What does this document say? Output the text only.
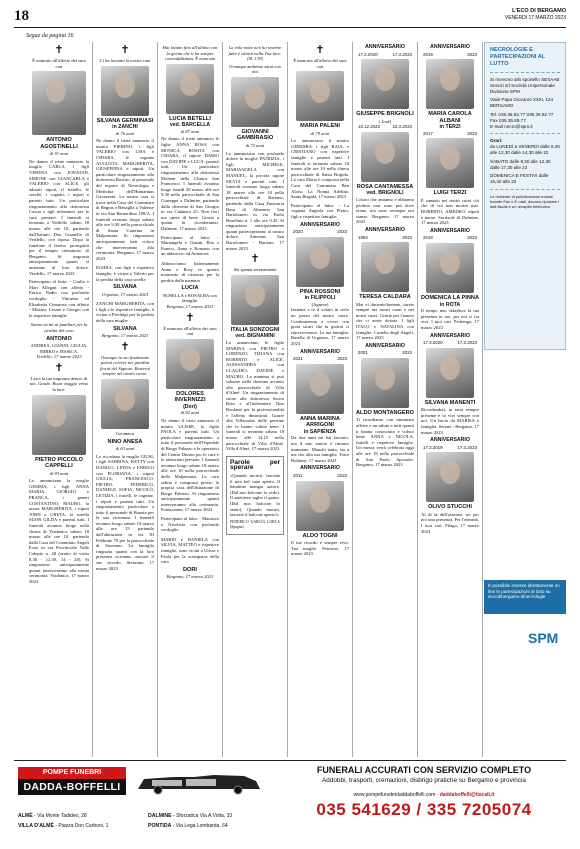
18	L'ECO DI BERGAMO
VENERDÌ 17 MARZO 2023
Segue da pagina 16
✝
È mancato all'affetto dei suoi cari
ANTONIO AGOSTINELLI
di 91 anni
Ne danno il triste annuncio la moglie CARLA, i figli VERENA con JONATAN, SIMONE con GIANCARLA e VALERIO con ALICE, gli adorati nipoti, il fratello, le sorelle, i cognati, i nipoti e parenti tutti. Un particolare ringraziamento alla dottoressa Cassia e agli infermieri per le cure prestate. I funerali si terranno a Verdello sabato 18 marzo alle ore 10, partendo dall'Istituto Don Guanella di Verdello, ove riposa. Dopo la funzione il feretro proseguirà per il tempio crematorio di Bergamo. Si ringrazia anticipatamente quanti si uniranno al loro dolore. Verdello, 17 marzo 2023
Partecipano al lutto: - Giulio e Mari Allegati con affetto - Enrico Nadio con profondo cordoglio - Vittorina ed Elisabetta Cimarosa con affetto - Miriam, Cesare e Giorgio con le rispettive famiglie
Siamo vicini ai familiari per la perdita del caro
ANTONIO
ANDREA, GIANNI, GIULIA, MIRKO e JESSICA.
Verdello, 17 marzo 2023
✝
Lasci la tua impronta dentro di noi. Grazie. Buon viaggio verso la luce.
PIETRO PICCOLO CAPPELLI
di 93 anni
Lo annunciano la moglie GEMMA, i figli ANNA MARIA, GIORGIO e FRANCA, i generi COSTANTINO, MAURO, la nuora MARGHERITA, i nipoti JOHN e GRETA, la sorella SUOR GILDA e parenti tutti. I funerali avranno luogo nella chiesa di Viadanica sabato 18 marzo alle ore 10, partendo dalla Casa del Commiato Angeli Ecuo in via Provinciale Valle Calepio n. 48 (orario di visita 8,30 - 12,30, 14 - 20). Si ringraziano anticipatamente quanti interverranno alla mesta cerimonia. Viadanica, 17 marzo 2023
✝
Ci ha lasciato la nostra cara
SILVANA GERMINASI
in ZANCHI
di 76 anni
Ne danno il triste annuncio il marito PIERINO, i figli VALERIO con LISA e CHIARA, le cognate AUGUSTA, MARGHERITA, GIUSEPPINA e nipoti. Un particolare ringraziamento alla dottoressa Bosisio, al personale del reparto di Neurologia e Medicina dell'Humanitas Gavazzeni. La nostra cara si trova nella Casa del Commiato di Begnis e Benaglia a Valtesse in via San Bernardino 109/A. I funerali avranno luogo sabato alle ore 9,30 nella parrocchiale di Santa Caterina in Malpensata. Si ringraziano anticipatamente tutti coloro che interverranno alla cerimonia. Bergamo, 17 marzo 2023
EGIDIA, con figli e rispettive famiglie, è vicina a Valerio per la perdita della cara sorella
SILVANA
Urgnano, 17 marzo 2023
ZANCHI MARGHERITA, con i figli e le rispettive famiglie, è vicina a Pierluigi per la perdita della cara moglie
SILVANA
Bergamo, 17 marzo 2023
✝
Ovunque tu sia finalmente potrai correre nei giardini fioriti del Signore. Resterai sempre nel nostro cuore.
Geometra
NINO ANESA
di 63 anni
Lo ricordano la moglie GIUSI, i figli SABRINA, KETTY con DANILO, LINDA e ENRICO con FLORIANA, i nipoti GIULIA, FRANCESCO, PIETRO, FEDERICO, DANIELE, SOFIA, NICOLÒ, LETIZIA, i fratelli, le cognate, i nipoti e parenti tutti. Un ringraziamento particolare a tutto il personale di Bonate per la sua vicinanza. I funerali avranno luogo sabato 18 marzo alle ore 15 partendo dall'abitazione in via XI Febbraio 70 per la parrocchiale di Stezzano. La famiglia ringrazia quanti con la loro presenza vorranno onorare il suo ricordo. Stezzano, 17 marzo 2023
Hai lottato fino all'ultimo con la grinta che ti ha sempre contraddistinta. È mancata
LUCIA BETELLI
ved. BARCELLA
di 87 anni
Ne danno il triste annuncio le figlie ANNA ROSA con MONICA, ROSITA con CHIARA, il nipote DARIO con DAVIDE e LUCA, parenti tutti. Un particolare ringraziamento alla dottoressa Molteni della Clinica San Francesco. I funerali avranno luogo lunedì 20 marzo alle ore 9,30 nella parrocchiale di San Giuseppe a Dalmine, partendo dalla chiesetta di San Giorgio in via Cattaneo 25. Non fiori ma opere di bene. Grazie a quanti la ricorderanno. Dalmine, 17 marzo 2023
Partecipano al lutto: - Mariangela e Gianni, Rita e Franco, Anna e Romano con un abbraccio ad Annarosa
Abbracciamo fraternamente Anna e Rosy in questo momento di tristezza per la perdita della mamma
LUCIA
ROSELLA e ROSALBA con famiglie.
Bergamo, 17 marzo 2023
✝
È mancata all'affetto dei suoi cari
DOLORES INVERNIZZI
(Dori)
di 82 anni
Ne danno il triste annuncio il marito ULISSE, la figlia PAOLA e parenti tutti. Un particolare ringraziamento a tutto il personale dell'Ospedale di Borgo Palazzo e le operatrici del Centro Diurno per le cure e le attenzioni prestate. I funerali avranno luogo sabato 18 marzo alle ore 10 nella parrocchiale della Malpensata. La cara salma è composta presso la propria casa dell'abitazione di Borgo Palazzo. Si ringraziano anticipatamente quanti interverranno alla cerimonia. Pontacemia, 17 marzo 2023
Partecipano al lutto: - Maurizio e Nicoletta con profondo cordoglio
MARIO e DANIELA con SILVIA, MATTEO e rispettive famiglie, sono vicini a Ulisse e Paola per la scomparsa della cara
DORI
Bergamo, 17 marzo 2023
La vola notte non ha tenebre fatte è chiara nella Tua luce.
(Sl. 139)
Ovunque andremo sarai con noi
GIOVANNI GAMBIRASIO
di 72 anni
Lo annunciano con profondo dolore la moglie PATRIZIA, i figli MICHELE, MARIANGELA con MANUEL, la piccola nipote SILVIA e parenti tutti. I funerali avranno luogo sabato 18 marzo alle ore 10 nella parrocchiale di Bariano, partendo dalla Casa Funeraria Bosa di Almenno San Bartolomeo in via Paolo Boselline n. 1 alle ore 9.45. Si ringraziano anticipatamente quanti parteciperanno al nostro dolore. Almenno San Bartolomeo - Bariano, 17 marzo 2023
✝
Sei spenta serenamente
ITALIA SONZOGNI
ved. BIGNAMINI
Lo annunciano le figlie MARINA con PIETRO e LORENZO, TIZIANA con ROBERTO e ALICE, ALESSANDRA con CLAUDIO, DAVIDE e MAURO. La mamma si può salutare nella chiesina accanto alla parrocchiale di Villa d'Almè. Un ringraziamento di cuore alla dottoressa Sorrio Rota e all'infermiere Tino Bonfanti per la professionalità e l'affetto dimostrati. Grazie alla Villaoratas delle persone che le hanno voluto bene. I funerali si terranno sabato 18 marzo alle 14.15 nella parrocchiale di Villa d'Almè. Villa d'Almè, 17 marzo 2023
Parole per sperare
«Quando morirò, lasciate il mio bel cane aperto. Il bambino mangia arance. (Dal mio balcone lo vedo). Il mietitore taglia il grano. (Dal mio balcone lo sento). Quando morirò, lasciate il balcone aperto!»
FEDERICO GARCÍA LORCA (Spagna)
✝
È mancata all'affetto dei suoi cari
MARIA PALENI
di 79 anni
Lo annunciano il marito GEREMIA, i figli RAUL e CRISTIANO con rispettive famiglie e parenti tutti. I funerali si terranno sabato 18 marzo alle ore 10 nella chiesa parrocchiale di Santa Brigida. La cara Maria è composta nella Casa del Commiato Ben Aloisi. La Nonna Adelina. Santa Brigida, 17 marzo 2023
Partecipano al lutto: - La cognata Angiola con Pietro, figli e rispettive famiglie
ANNIVERSARIO
2020	2023
PINA ROSSONI
in FILIPPOLI
(Agnese)
Insieme a te il volato in cielo un pezzo del nostro cuore. Continueremo a vivere con gioia sicuri che tu gioirai ci rincresceremo. La tua famiglia. Basella di Urgnano, 17 marzo 2023
ANNIVERSARIO
2021	2023
ANNA MARINA ARRIGONI
in SAPIENZA
Da due anni mi hai lasciato, ma il mio amore è rimasto immutato. Manchi tanto, sia a me che alla tua famiglia. Torre Boldone, 17 marzo 2023
ANNIVERSARIO
2011	2023
ALDO TOGNI
Il tuo ricordo e sempre vivo. Tua moglie. Petosino, 17 marzo 2023
ANNIVERSARIO
17.3.2020	17.3.2023
GIUSEPPE BRIGNOLI
( José)
16.12.2022	16.3.2023
ROSA CANTAMESSA
ved. BRIGNOLI
Coloro che amiamo e abbiamo perduto non sono più dove erano, ma sono ovunque noi siamo. Bergamo, 17 marzo 2023
ANNIVERSARIO
1994	2023
TERESA CALDARA
Mai vi dimenticheremo, sarete sempre nei nostri cuori e nei nostri cuori. Grazie per l'amore che ci avete donato. I figli ITALO e NATALINA con famiglie. Castello degli Angeli, 17 marzo 2023
ANNIVERSARIO
2001	2023
ALDO MONTANGERO
Ti ricordiamo con immutato affetto e un saluto a tutti quanti ti hanno conosciuto e voluto bene. ANNA e NICOLA, fratelli e rispettive famiglie. Un messa verrà celebrata oggi alle ore 18 nella parrocchiale di San Paolo Apostolo. Bergamo, 17 marzo 2023
ANNIVERSARIO
2019	2023
MARIA CAROLA ALBANI
in TERZI
2017	2023
LUIGI TERZI
È rimasto nei nostri cuori ciò che di voi non morirà mai. ROBERTO, AMEDEO, nipoti e nuore. Sorrisole di Dalmine, 17 marzo 2023
ANNIVERSARIO
2018	2023
DOMENICA LA PINNA
in ROTA
Il tempo non sbiadisce la tua presenza in noi, per noi ci fai vivi. I tuoi cari. Pedrengo, 17 marzo 2023
ANNIVERSARIO
17.3.2020	17.3.2023
SILVANA MANENTI
Ricordandoti, tu sarai sempre presente e tu vivi sempre con noi. Un bacio da MARISA e famiglia. Seriate - Bergamo, 17 marzo 2023
ANNIVERSARIO
17.3.2019	17.3.2023
OLIVO STUCCHI
Al di là dell'assenza, sei per noi una presenza. Per l'eternità. I tuoi cari. Filago, 17 marzo 2023
NECROLOGIE E PARTECIPAZIONI AL LUTTO
Si ricevono allo sportello SESAAB Servizi srl Società Unipersonale Divisione SPM
Viale Papa Giovanni XXIII, 124 BERGAMO
Tel. 035.35.82.77 035.35.82.77
Fax 035.35.89.77
E-mail necro@spm.it
Orari:
da LUNEDÌ a VENERDÌ dalle 8,30 alle 12,30 dalle 14,30 alle 22
SABATO dalle 8,30 alle 12,30 dalle 17,30 alle 22
DOMENICA E FESTIVI dalle 16,30 alle 22
Le richieste di pubblicazione inviate tramite Fax o E-mail, devono riportare i dati fiscali e un recapito telefonico
È possibile inserire direttamente on line le partecipazioni al lutto su eccodibergamo.it/necrologie
SPM
POMPE FUNEBRI
DADDA-BOFFELLI
ALMÈ - Via Monte Tadideo, 28	DALMINE - Sforzatica Via A.Volta, 33
VILLA D'ALMÈ - Piazza Don Carboni, 1	PONTIDA - Via Lega Lombarda, 64
FUNERALI ACCURATI CON SERVIZIO COMPLETO
Addobbi, trasporti, cremazioni, disbrigo pratiche su Bergamo e provincia
www.pompefunebridaddaboffelli.com · daddaboffelli@tiscali.it
035 541629 / 335 7205074
